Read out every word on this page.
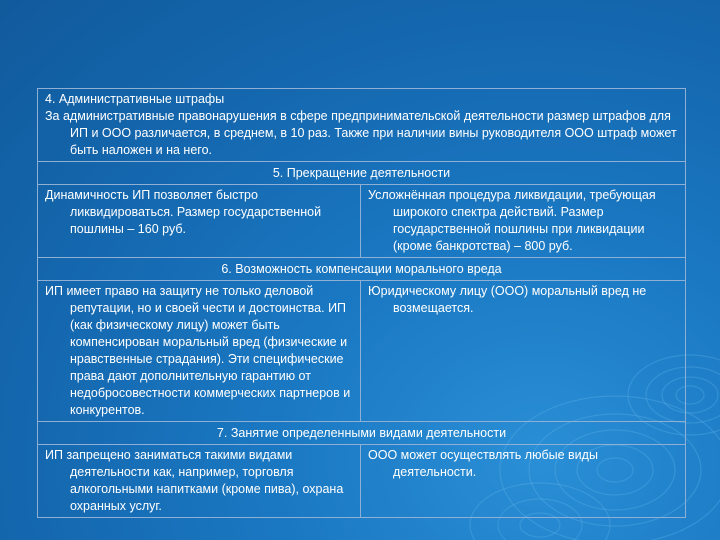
4. Административные штрафы
За административные правонарушения в сфере предпринимательской деятельности размер штрафов для ИП и ООО различается, в среднем, в 10 раз. Также при наличии вины руководителя ООО штраф может быть наложен и на него.	

5. Прекращение деятельности	

Динамичность ИП позволяет быстро ликвидироваться. Размер государственной пошлины – 160 руб.	Усложнённая процедура ликвидации, требующая широкого спектра действий. Размер государственной пошлины при ликвидации (кроме банкротства) – 800 руб.

6. Возможность компенсации морального вреда	

ИП имеет право на защиту не только деловой репутации, но и своей чести и достоинства. ИП (как физическому лицу) может быть компенсирован моральный вред (физические и нравственные страдания). Эти специфические права дают дополнительную гарантию от недобросовестности коммерческих партнеров и конкурентов.	Юридическому лицу (ООО) моральный вред не возмещается.

7. Занятие определенными видами деятельности	

ИП запрещено заниматься такими видами деятельности как, например, торговля алкогольными напитками (кроме пива), охрана охранных услуг.	ООО может осуществлять любые виды деятельности.
